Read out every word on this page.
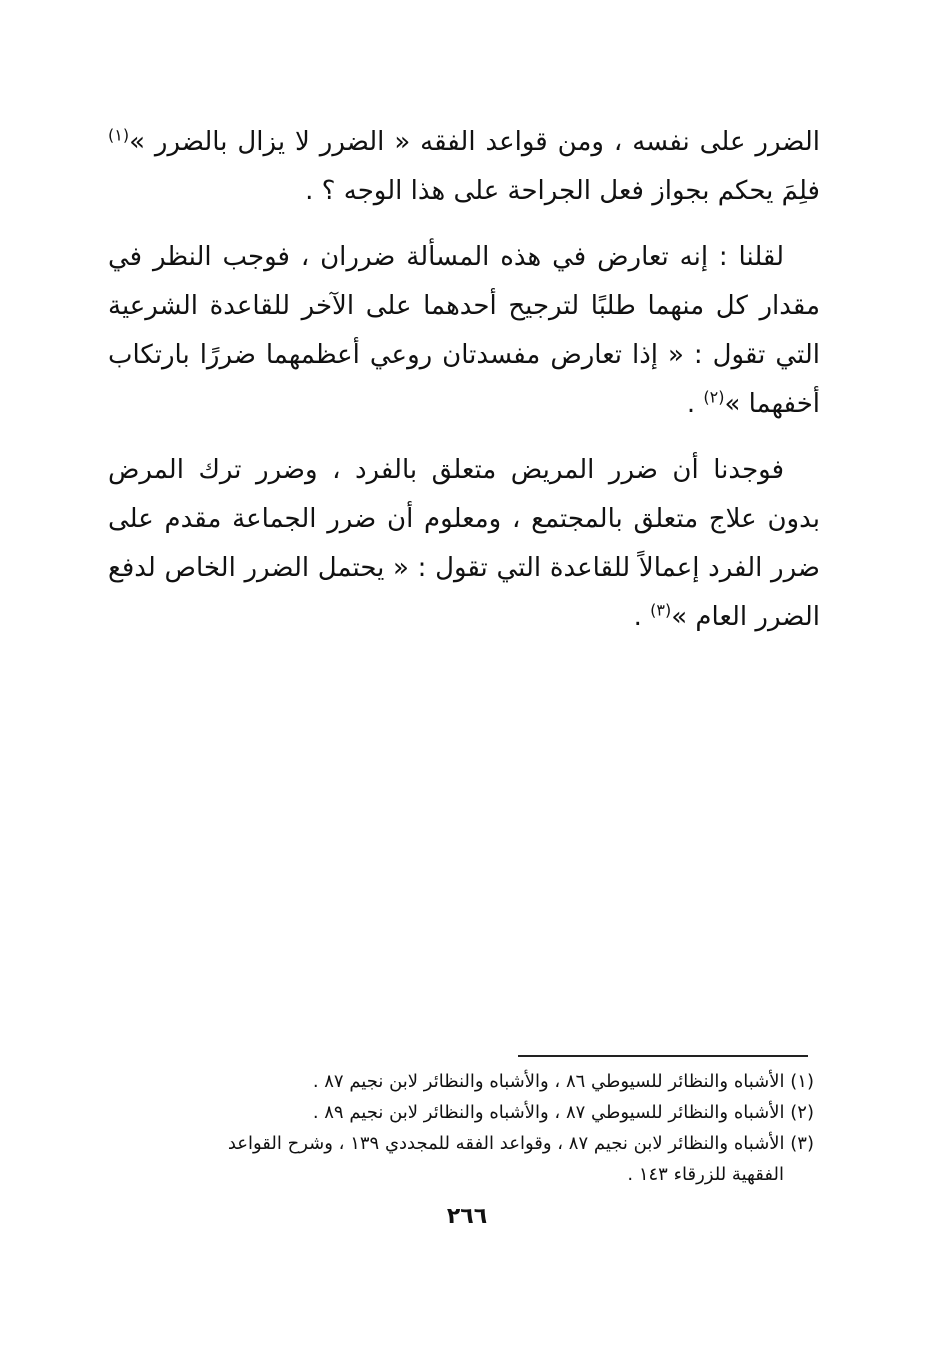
الضرر على نفسه ، ومن قواعد الفقه « الضرر لا يزال بالضرر »$^{(١)}$ فلِمَ يحكم بجواز فعل الجراحة على هذا الوجه ؟ .

لقلنا : إنه تعارض في هذه المسألة ضرران ، فوجب النظر في مقدار كل منهما طلبًا لترجيح أحدهما على الآخر للقاعدة الشرعية التي تقول : « إذا تعارض مفسدتان روعي أعظمهما ضررًا بارتكاب أخفهما »$^{(٢)}$ .

فوجدنا أن ضرر المريض متعلق بالفرد ، وضرر ترك المرض بدون علاج متعلق بالمجتمع ، ومعلوم أن ضرر الجماعة مقدم على ضرر الفرد إعمالاً للقاعدة التي تقول : « يحتمل الضرر الخاص لدفع الضرر العام »$^{(٣)}$ .

(١) الأشباه والنظائر للسيوطي ٨٦ ، والأشباه والنظائر لابن نجيم ٨٧ .

(٢) الأشباه والنظائر للسيوطي ٨٧ ، والأشباه والنظائر لابن نجيم ٨٩ .

(٣) الأشباه والنظائر لابن نجيم ٨٧ ، وقواعد الفقه للمجددي ١٣٩ ، وشرح القواعد

الفقهية للزرقاء ١٤٣ .

٢٦٦
